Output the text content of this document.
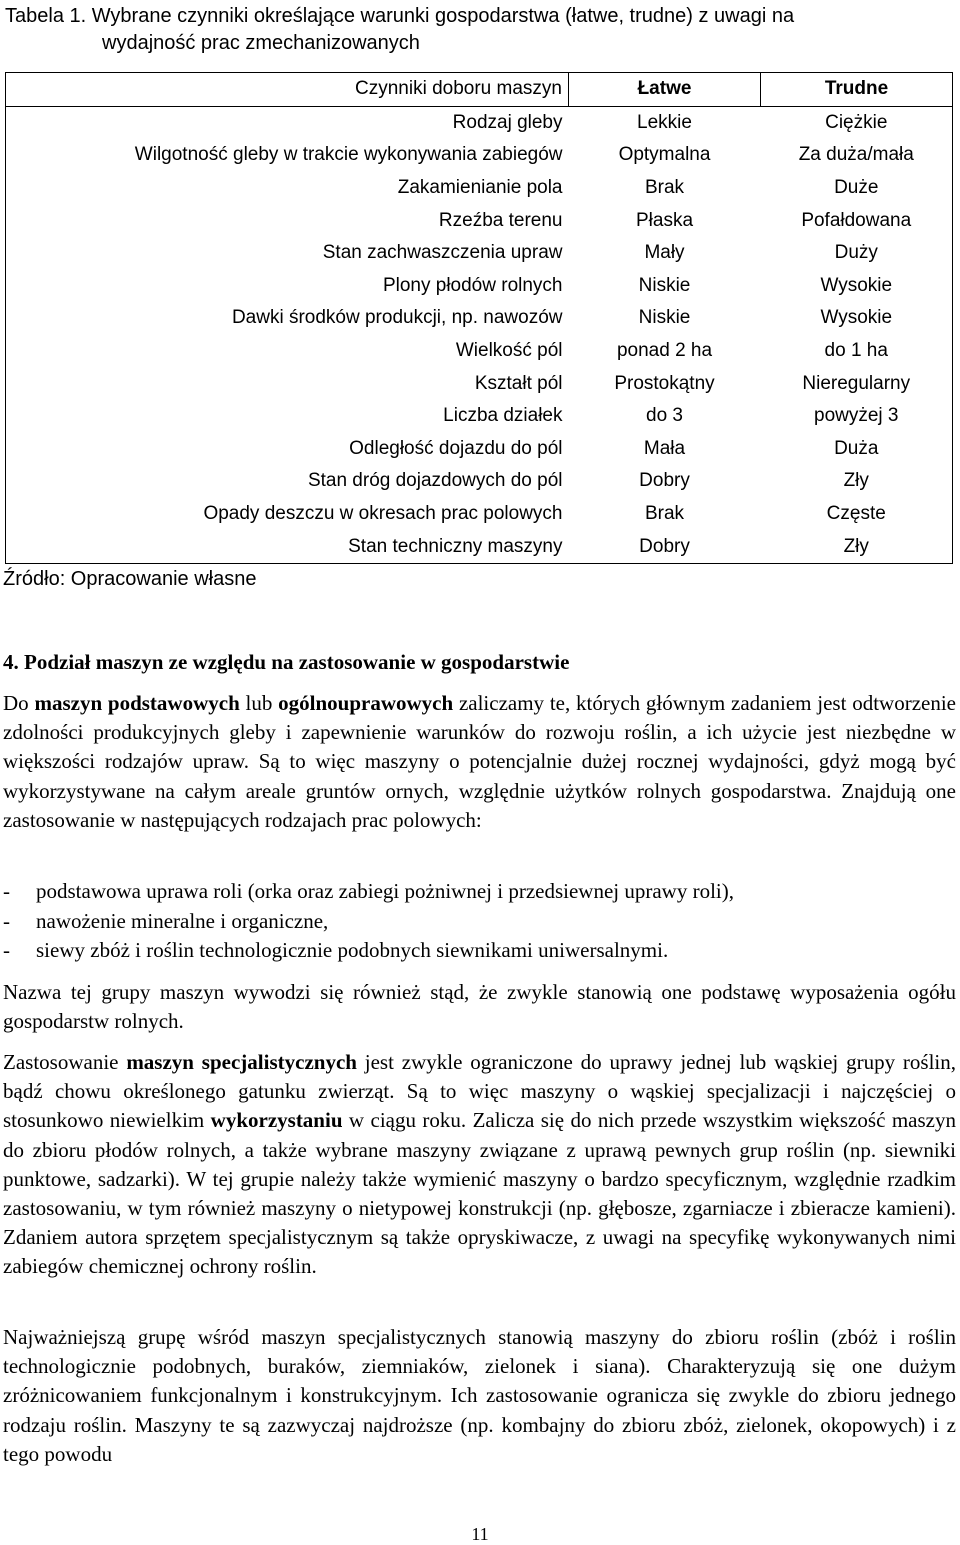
Tabela 1. Wybrane czynniki określające warunki gospodarstwa (łatwe, trudne) z uwagi na
wydajność prac zmechanizowanych
Czynniki doboru maszyn	Łatwe	Trudne
Rodzaj gleby	Lekkie	Ciężkie
Wilgotność gleby w trakcie wykonywania zabiegów	Optymalna	Za duża/mała
Zakamienianie pola	Brak	Duże
Rzeźba terenu	Płaska	Pofałdowana
Stan zachwaszczenia upraw	Mały	Duży
Plony płodów rolnych	Niskie	Wysokie
Dawki środków produkcji, np. nawozów	Niskie	Wysokie
Wielkość pól	ponad 2 ha	do 1 ha
Kształt pól	Prostokątny	Nieregularny
Liczba działek	do 3	powyżej 3
Odległość dojazdu do pól	Mała	Duża
Stan dróg dojazdowych do pól	Dobry	Zły
Opady deszczu w okresach prac polowych	Brak	Częste
Stan techniczny maszyny	Dobry	Zły
Źródło: Opracowanie własne
4. Podział maszyn ze względu na zastosowanie w gospodarstwie

Do maszyn podstawowych lub ogólnouprawowych zaliczamy te, których głównym zadaniem jest odtworzenie zdolności produkcyjnych gleby i zapewnienie warunków do rozwoju roślin, a ich użycie jest niezbędne w większości rodzajów upraw. Są to więc maszyny o potencjalnie dużej rocznej wydajności, gdyż mogą być wykorzystywane na całym areale gruntów ornych, względnie użytków rolnych gospodarstwa. Znajdują one zastosowanie w następujących rodzajach prac polowych:

-	podstawowa uprawa roli (orka oraz zabiegi pożniwnej i przedsiewnej uprawy roli),
-	nawożenie mineralne i organiczne,
-	siewy zbóż i roślin technologicznie podobnych siewnikami uniwersalnymi.

Nazwa tej grupy maszyn wywodzi się również stąd, że zwykle stanowią one podstawę wyposażenia ogółu gospodarstw rolnych.

Zastosowanie maszyn specjalistycznych jest zwykle ograniczone do uprawy jednej lub wąskiej grupy roślin, bądź chowu określonego gatunku zwierząt. Są to więc maszyny o wąskiej specjalizacji i najczęściej o stosunkowo niewielkim wykorzystaniu w ciągu roku. Zalicza się do nich przede wszystkim większość maszyn do zbioru płodów rolnych, a także wybrane maszyny związane z uprawą pewnych grup roślin (np. siewniki punktowe, sadzarki). W tej grupie należy także wymienić maszyny o bardzo specyficznym, względnie rzadkim zastosowaniu, w tym również maszyny o nietypowej konstrukcji (np. głębosze, zgarniacze i zbieracze kamieni). Zdaniem autora sprzętem specjalistycznym są także opryskiwacze, z uwagi na specyfikę wykonywanych nimi zabiegów chemicznej ochrony roślin.

Najważniejszą grupę wśród maszyn specjalistycznych stanowią maszyny do zbioru roślin (zbóż i roślin technologicznie podobnych, buraków, ziemniaków, zielonek i siana). Charakteryzują się one dużym zróżnicowaniem funkcjonalnym i konstrukcyjnym. Ich zastosowanie ogranicza się zwykle do zbioru jednego rodzaju roślin. Maszyny te są zazwyczaj najdroższe (np. kombajny do zbioru zbóż, zielonek, okopowych) i z tego powodu

11
